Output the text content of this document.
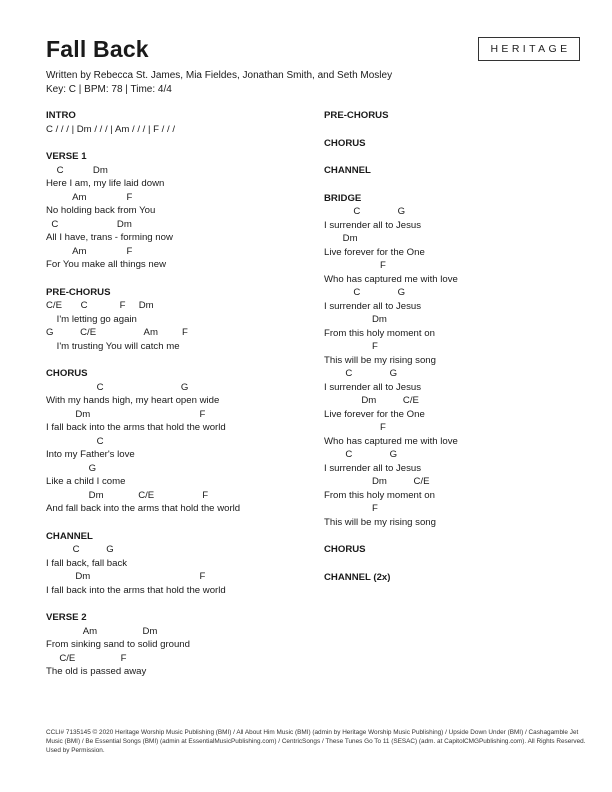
Fall Back	HERITAGE
Written by Rebecca St. James, Mia Fieldes, Jonathan Smith, and Seth Mosley
Key: C | BPM: 78 | Time: 4/4
INTRO
C / / / | Dm / / / | Am / / / | F / / /
VERSE 1
C           Dm
Here I am, my life laid down
Am               F
No holding back from You
C                      Dm
All I have, trans - forming now
Am               F
For You make all things new
PRE-CHORUS
C/E       C            F     Dm
I'm letting go again
G          C/E                  Am         F
I'm trusting You will catch me
CHORUS
C                             G
With my hands high, my heart open wide
Dm                                         F
I fall back into the arms that hold the world
C
Into my Father's love
G
Like a child I come
Dm             C/E                  F
And fall back into the arms that hold the world
CHANNEL
C          G
I fall back, fall back
Dm                                         F
I fall back into the arms that hold the world
VERSE 2
Am                 Dm
From sinking sand to solid ground
C/E                 F
The old is passed away
PRE-CHORUS
CHORUS
CHANNEL
BRIDGE
C              G
I surrender all to Jesus
Dm
Live forever for the One
F
Who has captured me with love
C              G
I surrender all to Jesus
Dm
From this holy moment on
F
This will be my rising song
C              G
I surrender all to Jesus
Dm          C/E
Live forever for the One
F
Who has captured me with love
C              G
I surrender all to Jesus
Dm          C/E
From this holy moment on
F
This will be my rising song
CHORUS
CHANNEL (2x)
CCLI# 7135145 © 2020 Heritage Worship Music Publishing (BMI) / All About Him Music (BMI) (admin by Heritage Worship Music Publishing) / Upside Down Under (BMI) / Cashagamble Jet Music (BMI) / Be Essential Songs (BMI) (admin at EssentialMusicPublishing.com) / CentricSongs / These Tunes Go To 11 (SESAC) (adm. at CapitolCMGPublishing.com). All Rights Reserved. Used by Permission.
